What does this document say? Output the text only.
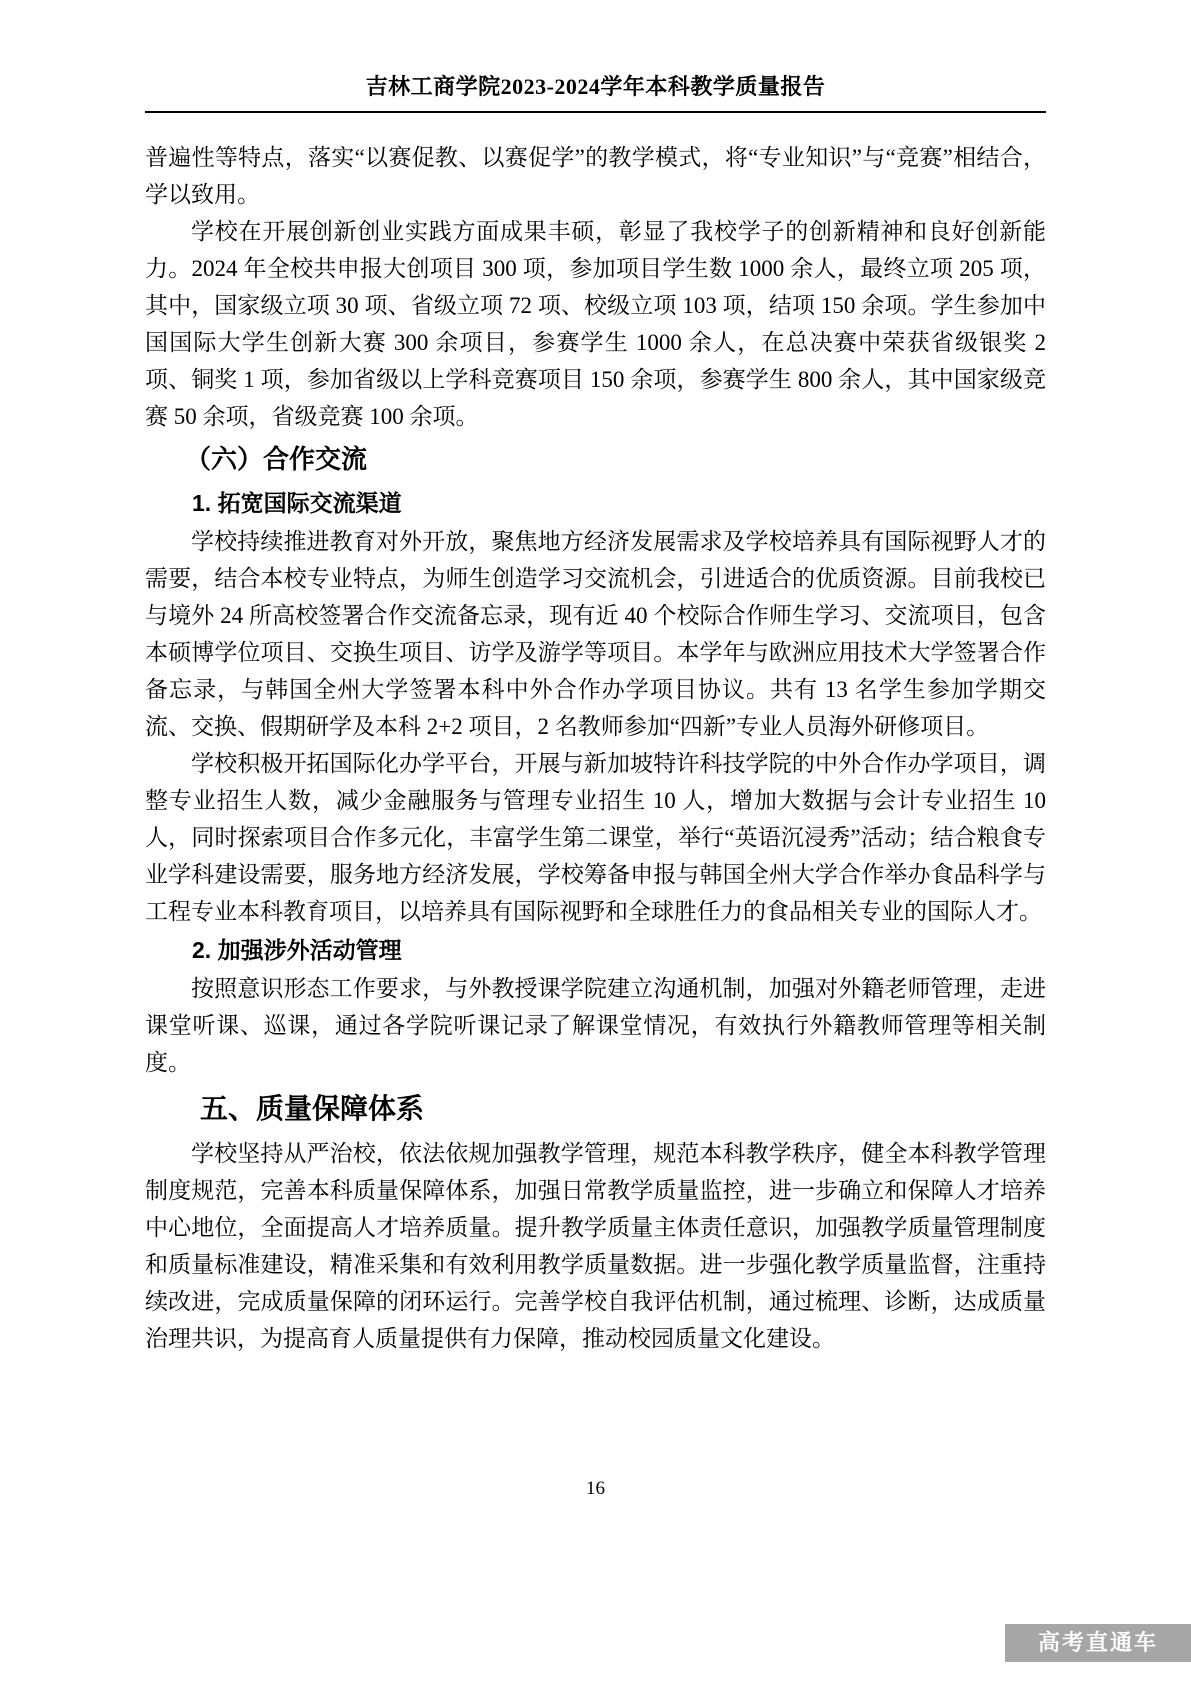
吉林工商学院2023-2024学年本科教学质量报告

普遍性等特点，落实“以赛促教、以赛促学”的教学模式，将“专业知识”与“竞赛”相结合，学以致用。

学校在开展创新创业实践方面成果丰硕，彰显了我校学子的创新精神和良好创新能力。2024 年全校共申报大创项目 300 项，参加项目学生数 1000 余人，最终立项 205 项，其中，国家级立项 30 项、省级立项 72 项、校级立项 103 项，结项 150 余项。学生参加中国国际大学生创新大赛 300 余项目，参赛学生 1000 余人，在总决赛中荣获省级银奖 2 项、铜奖 1 项，参加省级以上学科竞赛项目 150 余项，参赛学生 800 余人，其中国家级竞赛 50 余项，省级竞赛 100 余项。

（六）合作交流
1. 拓宽国际交流渠道

学校持续推进教育对外开放，聚焦地方经济发展需求及学校培养具有国际视野人才的需要，结合本校专业特点，为师生创造学习交流机会，引进适合的优质资源。目前我校已与境外 24 所高校签署合作交流备忘录，现有近 40 个校际合作师生学习、交流项目，包含本硕博学位项目、交换生项目、访学及游学等项目。本学年与欧洲应用技术大学签署合作备忘录，与韩国全州大学签署本科中外合作办学项目协议。共有 13 名学生参加学期交流、交换、假期研学及本科 2+2 项目，2 名教师参加“四新”专业人员海外研修项目。

学校积极开拓国际化办学平台，开展与新加坡特许科技学院的中外合作办学项目，调整专业招生人数，减少金融服务与管理专业招生 10 人，增加大数据与会计专业招生 10 人，同时探索项目合作多元化，丰富学生第二课堂，举行“英语沉浸秀”活动；结合粮食专业学科建设需要，服务地方经济发展，学校筹备申报与韩国全州大学合作举办食品科学与工程专业本科教育项目，以培养具有国际视野和全球胜任力的食品相关专业的国际人才。

2. 加强涉外活动管理

按照意识形态工作要求，与外教授课学院建立沟通机制，加强对外籍老师管理，走进课堂听课、巡课，通过各学院听课记录了解课堂情况，有效执行外籍教师管理等相关制度。

五、质量保障体系

学校坚持从严治校，依法依规加强教学管理，规范本科教学秩序，健全本科教学管理制度规范，完善本科质量保障体系，加强日常教学质量监控，进一步确立和保障人才培养中心地位，全面提高人才培养质量。提升教学质量主体责任意识，加强教学质量管理制度和质量标准建设，精准采集和有效利用教学质量数据。进一步强化教学质量监督，注重持续改进，完成质量保障的闭环运行。完善学校自我评估机制，通过梳理、诊断，达成质量治理共识，为提高育人质量提供有力保障，推动校园质量文化建设。

16
高考直通车
